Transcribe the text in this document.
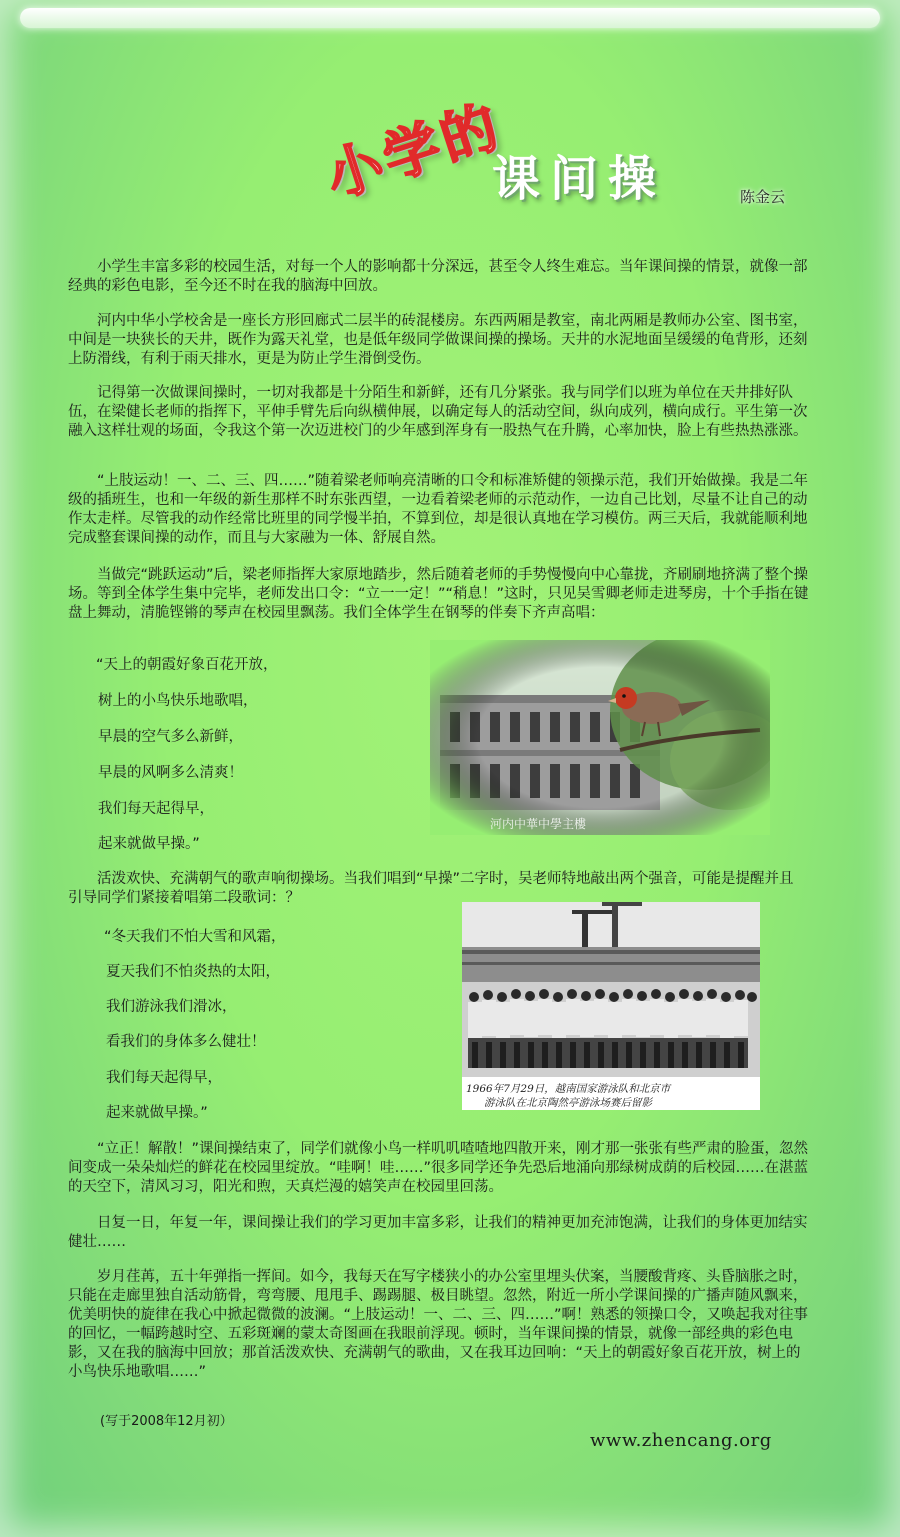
小学的
课间操	陈金云

小学生丰富多彩的校园生活，对每一个人的影响都十分深远，甚至令人终生难忘。当年课间操的情景，就像一部经典的彩色电影，至今还不时在我的脑海中回放。

河内中华小学校舍是一座长方形回廊式二层半的砖混楼房。东西两厢是教室，南北两厢是教师办公室、图书室，中间是一块狭长的天井，既作为露天礼堂，也是低年级同学做课间操的操场。天井的水泥地面呈缓缓的龟背形，还刻上防滑线，有利于雨天排水，更是为防止学生滑倒受伤。

记得第一次做课间操时，一切对我都是十分陌生和新鲜，还有几分紧张。我与同学们以班为单位在天井排好队伍，在梁健长老师的指挥下，平伸手臂先后向纵横伸展，以确定每人的活动空间，纵向成列，横向成行。平生第一次融入这样壮观的场面，令我这个第一次迈进校门的少年感到浑身有一股热气在升腾，心率加快，脸上有些热热涨涨。

“上肢运动！一、二、三、四……”随着梁老师响亮清晰的口令和标准矫健的领操示范，我们开始做操。我是二年级的插班生，也和一年级的新生那样不时东张西望，一边看着梁老师的示范动作，一边自己比划，尽量不让自己的动作太走样。尽管我的动作经常比班里的同学慢半拍，不算到位，却是很认真地在学习模仿。两三天后，我就能顺利地完成整套课间操的动作，而且与大家融为一体、舒展自然。

当做完“跳跃运动”后，梁老师指挥大家原地踏步，然后随着老师的手势慢慢向中心靠拢，齐刷刷地挤满了整个操场。等到全体学生集中完毕，老师发出口令：“立一一定！”“稍息！”这时，只见吴雪卿老师走进琴房，十个手指在键盘上舞动，清脆铿锵的琴声在校园里飘荡。我们全体学生在钢琴的伴奏下齐声高唱：

“天上的朝霞好象百花开放，
树上的小鸟快乐地歌唱，
早晨的空气多么新鲜，
早晨的风啊多么清爽！
我们每天起得早，
起来就做早操。”
河内中華中學主樓

活泼欢快、充满朝气的歌声响彻操场。当我们唱到“早操”二字时，吴老师特地敲出两个强音，可能是提醒并且引导同学们紧接着唱第二段歌词：？

“冬天我们不怕大雪和风霜，
夏天我们不怕炎热的太阳，
我们游泳我们滑冰，
看我们的身体多么健壮！
我们每天起得早，
起来就做早操。”
1966年7月29日，越南国家游泳队和北京市
游泳队在北京陶然亭游泳场赛后留影

“立正！解散！”课间操结束了，同学们就像小鸟一样叽叽喳喳地四散开来，刚才那一张张有些严肃的脸蛋，忽然间变成一朵朵灿烂的鲜花在校园里绽放。“哇啊！哇……”很多同学还争先恐后地涌向那绿树成荫的后校园……在湛蓝的天空下，清风习习，阳光和煦，天真烂漫的嬉笑声在校园里回荡。

日复一日，年复一年，课间操让我们的学习更加丰富多彩，让我们的精神更加充沛饱满，让我们的身体更加结实健壮……

岁月荏苒，五十年弹指一挥间。如今，我每天在写字楼狭小的办公室里埋头伏案，当腰酸背疼、头昏脑胀之时，只能在走廊里独自活动筋骨，弯弯腰、甩甩手、踢踢腿、极目眺望。忽然，附近一所小学课间操的广播声随风飘来，优美明快的旋律在我心中掀起微微的波澜。“上肢运动！一、二、三、四……”啊！熟悉的领操口令，又唤起我对往事的回忆，一幅跨越时空、五彩斑斓的蒙太奇图画在我眼前浮现。顿时，当年课间操的情景，就像一部经典的彩色电影，又在我的脑海中回放；那首活泼欢快、充满朝气的歌曲，又在我耳边回响：“天上的朝霞好象百花开放，树上的小鸟快乐地歌唱……”

(写于2008年12月初）
www.zhencang.org
